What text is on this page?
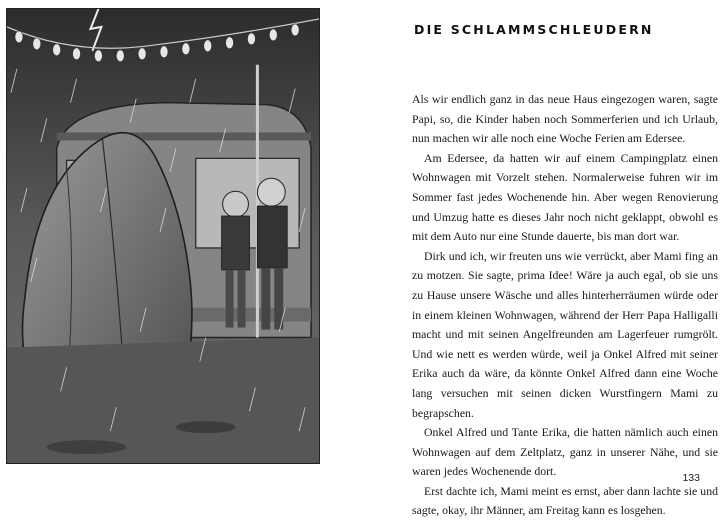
DIE SCHLAMMSCHLEUDERN

Als wir endlich ganz in das neue Haus eingezogen waren, sagte Papi, so, die Kinder haben noch Sommerferien und ich Urlaub, nun machen wir alle noch eine Woche Ferien am Edersee.

Am Edersee, da hatten wir auf einem Campingplatz einen Wohnwagen mit Vorzelt stehen. Normalerweise fuhren wir im Sommer fast jedes Wochenende hin. Aber wegen Renovierung und Umzug hatte es dieses Jahr noch nicht geklappt, obwohl es mit dem Auto nur eine Stunde dauerte, bis man dort war.

Dirk und ich, wir freuten uns wie verrückt, aber Mami fing an zu motzen. Sie sagte, prima Idee! Wäre ja auch egal, ob sie uns zu Hause unsere Wäsche und alles hinterherräumen würde oder in einem kleinen Wohnwagen, während der Herr Papa Halligalli macht und mit seinen Angelfreunden am Lagerfeuer rumgrölt. Und wie nett es werden würde, weil ja Onkel Alfred mit seiner Erika auch da wäre, da könnte Onkel Alfred dann eine Woche lang versuchen mit seinen dicken Wurstfingern Mami zu begrapschen.

Onkel Alfred und Tante Erika, die hatten nämlich auch einen Wohnwagen auf dem Zeltplatz, ganz in unserer Nähe, und sie waren jedes Wochenende dort.

Erst dachte ich, Mami meint es ernst, aber dann lachte sie und sagte, okay, ihr Männer, am Freitag kann es losgehen.

133
